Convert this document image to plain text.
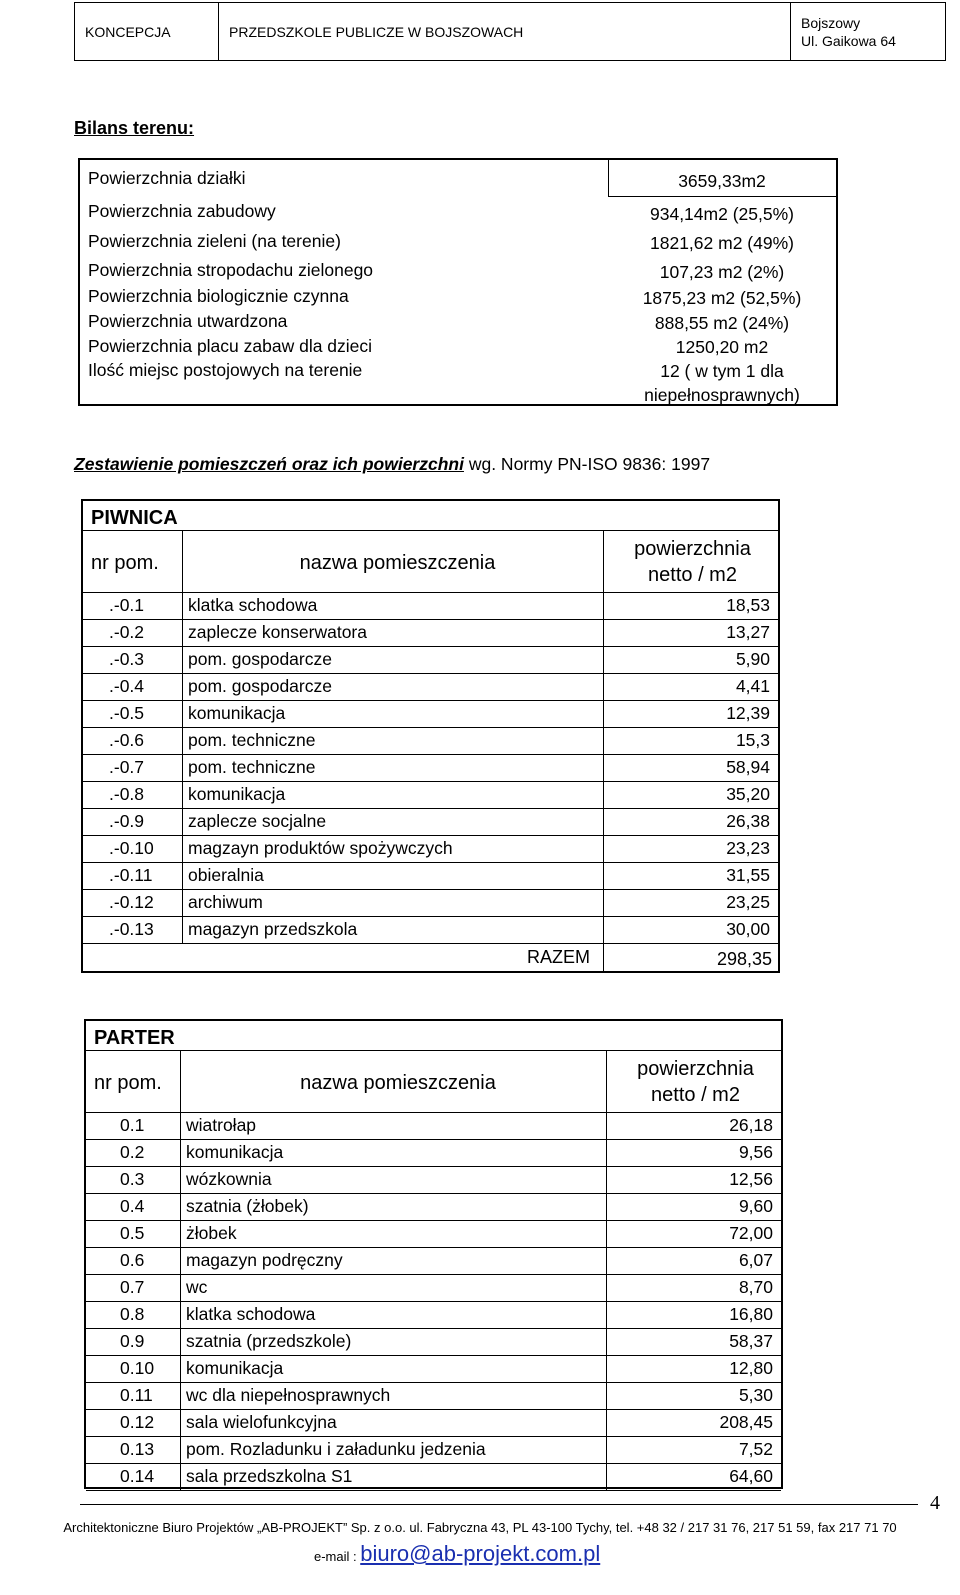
KONCEPCJA	PRZEDSZKOLE PUBLICZE W BOJSZOWACH
Bojszowy
Ul. Gaikowa 64
Bilans terenu:
Powierzchnia działki	3659,33m2
Powierzchnia zabudowy	934,14m2 (25,5%)
Powierzchnia zieleni (na terenie)	1821,62 m2 (49%)
Powierzchnia stropodachu zielonego	107,23 m2 (2%)
Powierzchnia biologicznie czynna	1875,23 m2 (52,5%)
Powierzchnia utwardzona	888,55 m2 (24%)
Powierzchnia placu zabaw dla dzieci	1250,20 m2
Ilość miejsc postojowych na terenie	12 ( w tym 1 dla
niepełnosprawnych)
Zestawienie pomieszczeń oraz ich powierzchni wg. Normy PN-ISO 9836: 1997
PIWNICA
nr pom.	nazwa pomieszczenia
powierzchnia
netto / m2
.-0.1	klatka schodowa	18,53
.-0.2	zaplecze konserwatora	13,27
.-0.3	pom. gospodarcze	5,90
.-0.4	pom. gospodarcze	4,41
.-0.5	komunikacja	12,39
.-0.6	pom. techniczne	15,3
.-0.7	pom. techniczne	58,94
.-0.8	komunikacja	35,20
.-0.9	zaplecze socjalne	26,38
.-0.10 magzayn produktów spożywczych	23,23
.-0.11 obieralnia	31,55
.-0.12 archiwum	23,25
.-0.13 magazyn przedszkola	30,00
RAZEM	298,35
PARTER
nr pom.	nazwa pomieszczenia
powierzchnia
netto / m2
0.1 wiatrołap	26,18
0.2 komunikacja	9,56
0.3 wózkownia	12,56
0.4 szatnia (żłobek)	9,60
0.5 żłobek	72,00
0.6 magazyn podręczny	6,07
0.7 wc	8,70
0.8 klatka schodowa	16,80
0.9 szatnia (przedszkole)	58,37
0.10 komunikacja	12,80
0.11 wc dla niepełnosprawnych	5,30
0.12 sala wielofunkcyjna	208,45
0.13 pom. Rozladunku i załadunku jedzenia	7,52
0.14 sala przedszkolna S1	64,60
4
Architektoniczne Biuro Projektów „AB-PROJEKT” Sp. z o.o. ul. Fabryczna 43, PL 43-100 Tychy, tel. +48 32 / 217 31 76, 217 51 59, fax 217 71 70
e-mail : biuro@ab-projekt.com.pl
